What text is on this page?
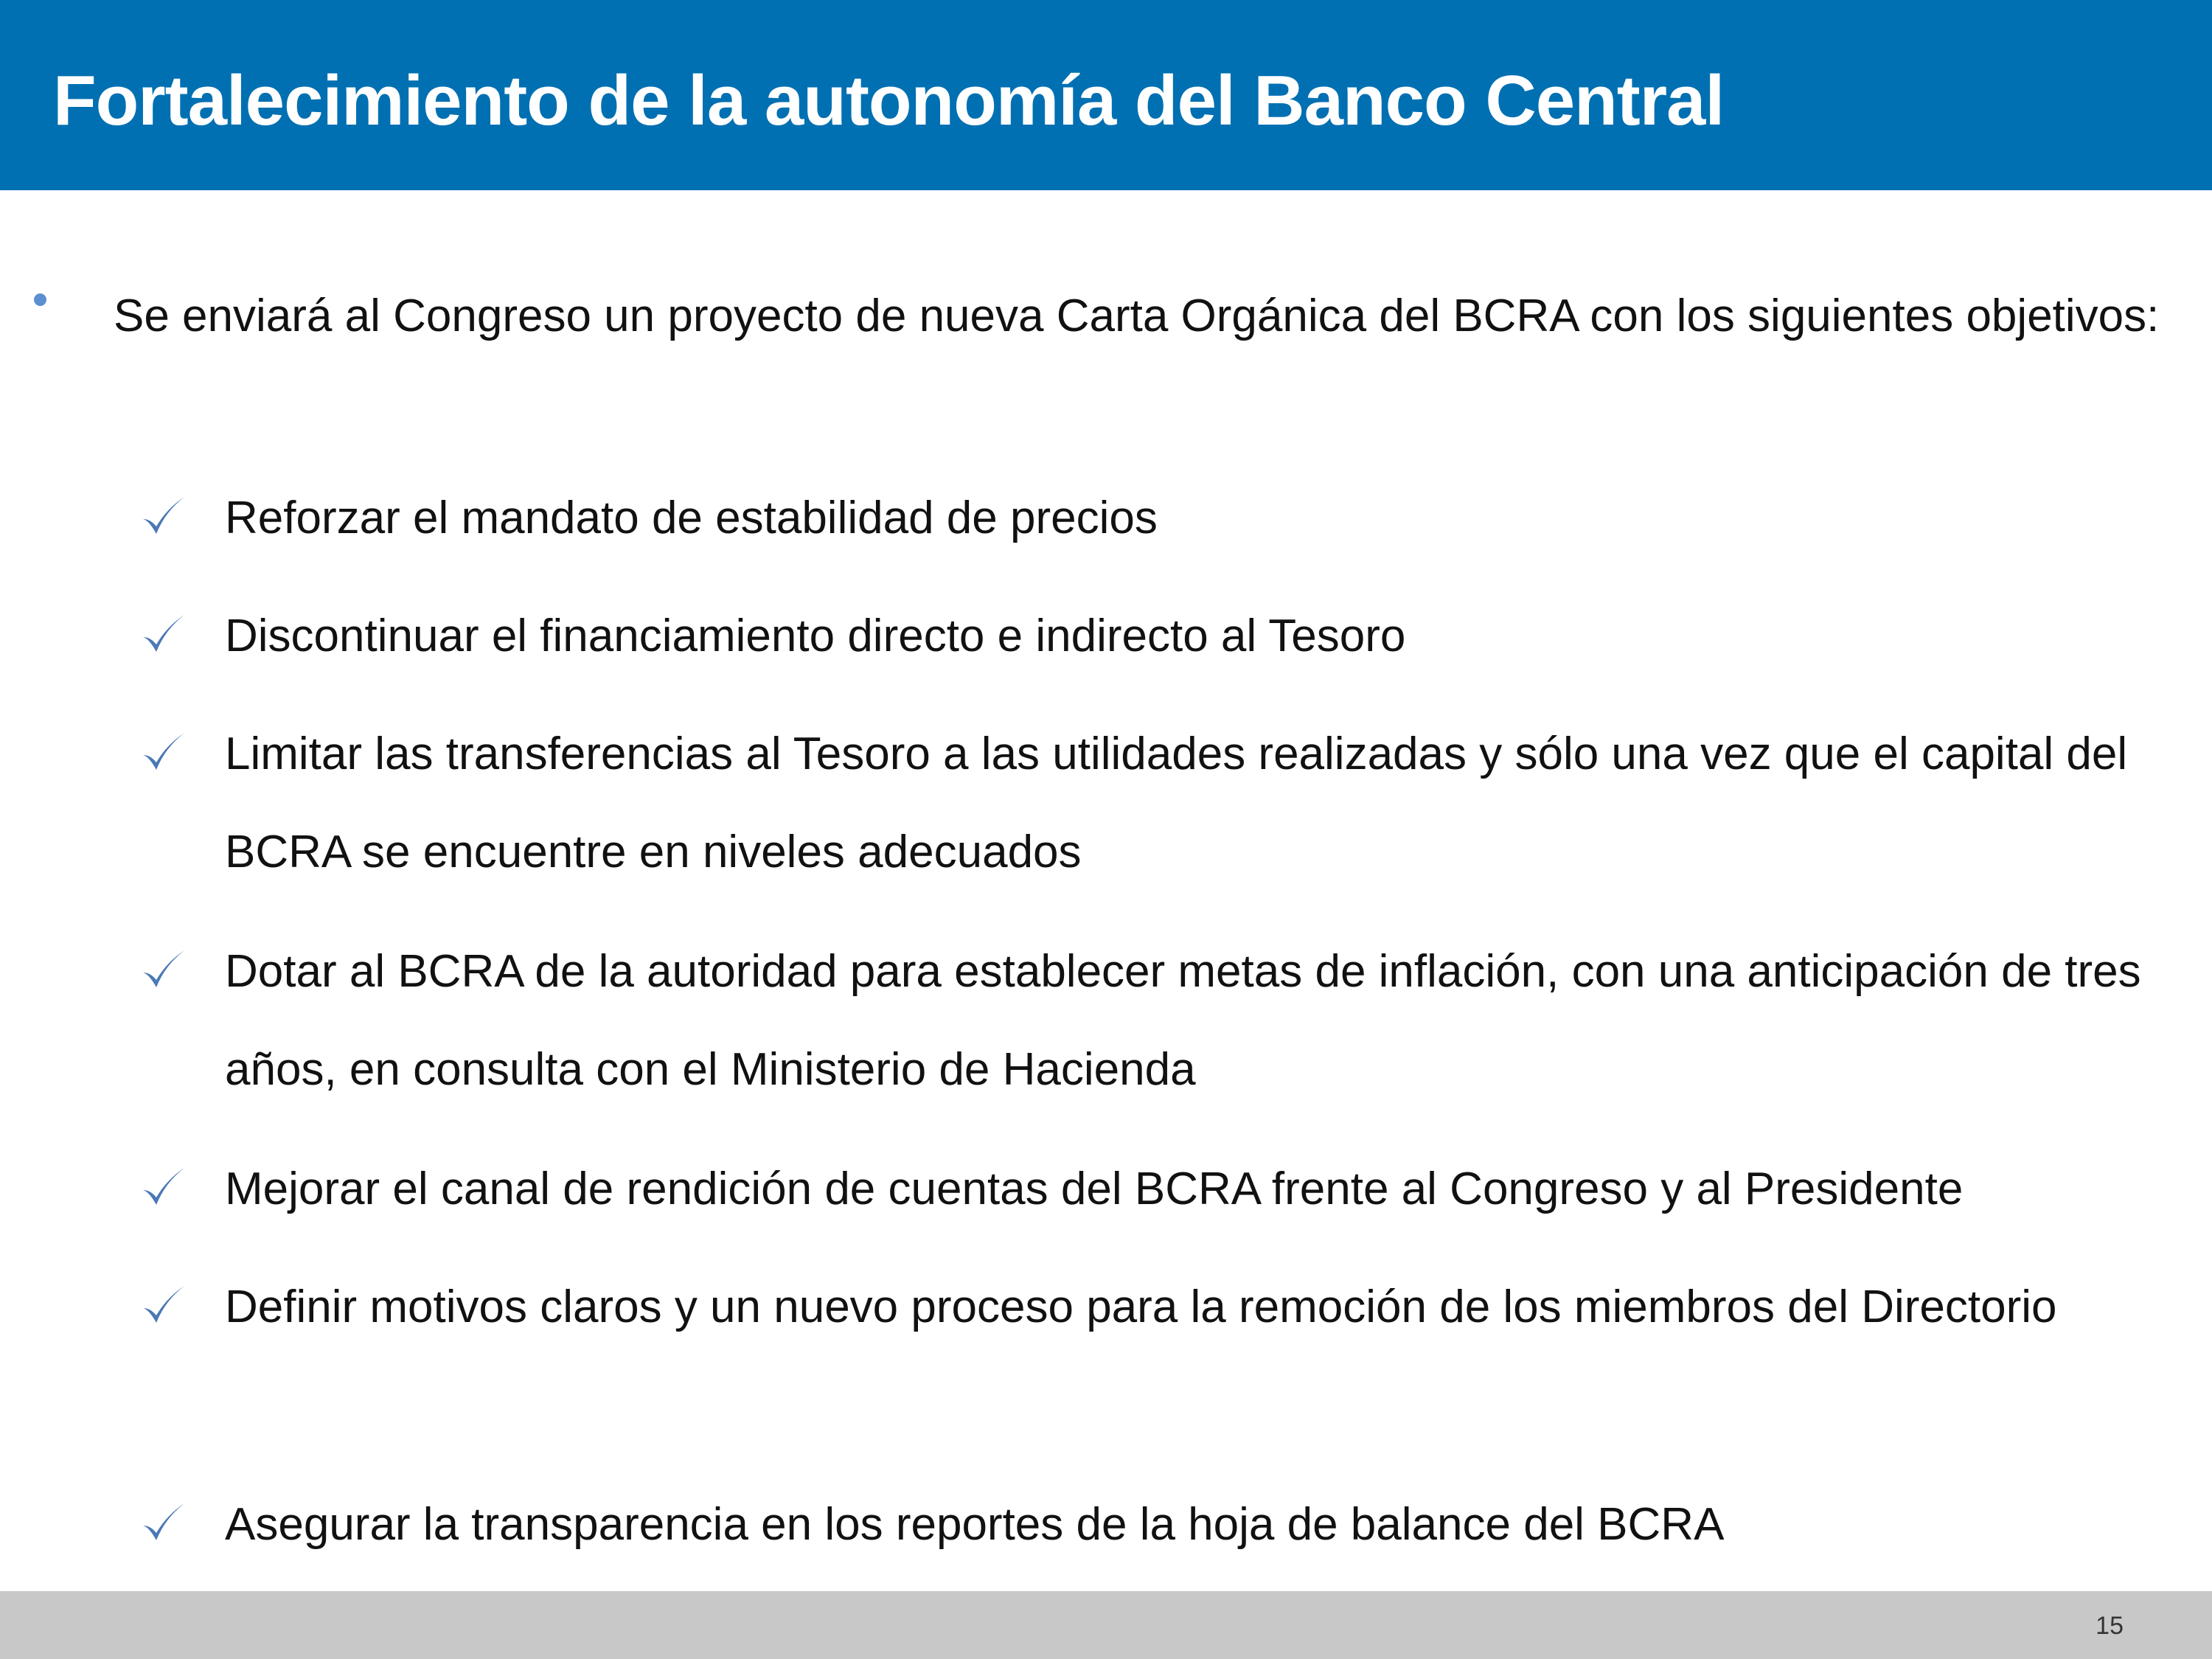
Fortalecimiento de la autonomía del Banco Central

Se enviará al Congreso un proyecto de nueva Carta Orgánica del BCRA con los siguientes objetivos:

Reforzar el mandato de estabilidad de precios

Discontinuar el financiamiento directo e indirecto al Tesoro

Limitar las transferencias al Tesoro a las utilidades realizadas y sólo una vez que el capital del BCRA se encuentre en niveles adecuados

Dotar al BCRA de la autoridad para establecer metas de inflación, con una anticipación de tres años, en consulta con el Ministerio de Hacienda

Mejorar el canal de rendición de cuentas del BCRA frente al Congreso y al Presidente

Definir motivos claros y un nuevo proceso para la remoción de los miembros del Directorio

Asegurar la transparencia en los reportes de la hoja de balance del BCRA

15
